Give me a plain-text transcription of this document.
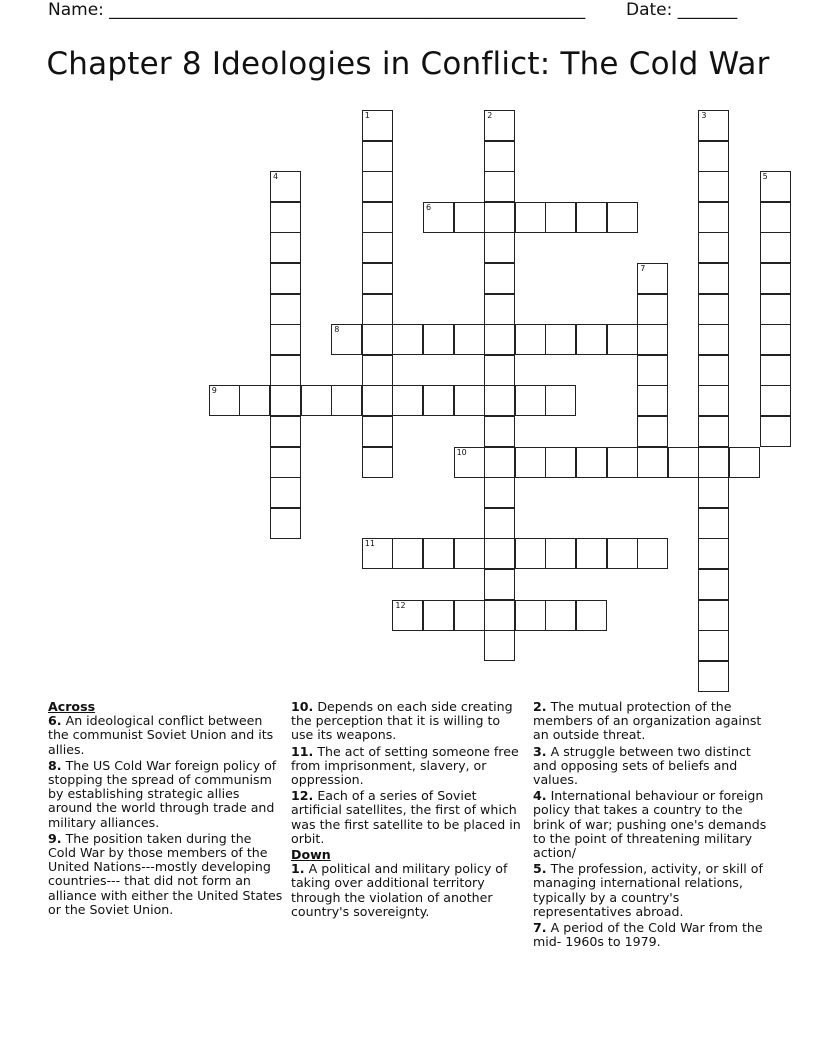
Name: ________________________________________________________ Date: _______
Chapter 8 Ideologies in Conflict: The Cold War
1	2	3
4	5
6
7
8
9
10
11
12
Across
6. An ideological conflict between the communist Soviet Union and its allies.
8. The US Cold War foreign policy of stopping the spread of communism by establishing strategic allies around the world through trade and military alliances.
9. The position taken during the Cold War by those members of the United Nations---mostly developing countries--- that did not form an alliance with either the United States or the Soviet Union.
10. Depends on each side creating the perception that it is willing to use its weapons.
11. The act of setting someone free from imprisonment, slavery, or oppression.
12. Each of a series of Soviet artificial satellites, the first of which was the first satellite to be placed in orbit.
Down
1. A political and military policy of taking over additional territory through the violation of another country's sovereignty.
2. The mutual protection of the members of an organization against an outside threat.
3. A struggle between two distinct and opposing sets of beliefs and values.
4. International behaviour or foreign policy that takes a country to the brink of war; pushing one's demands to the point of threatening military action/
5. The profession, activity, or skill of managing international relations, typically by a country's representatives abroad.
7. A period of the Cold War from the mid- 1960s to 1979.
